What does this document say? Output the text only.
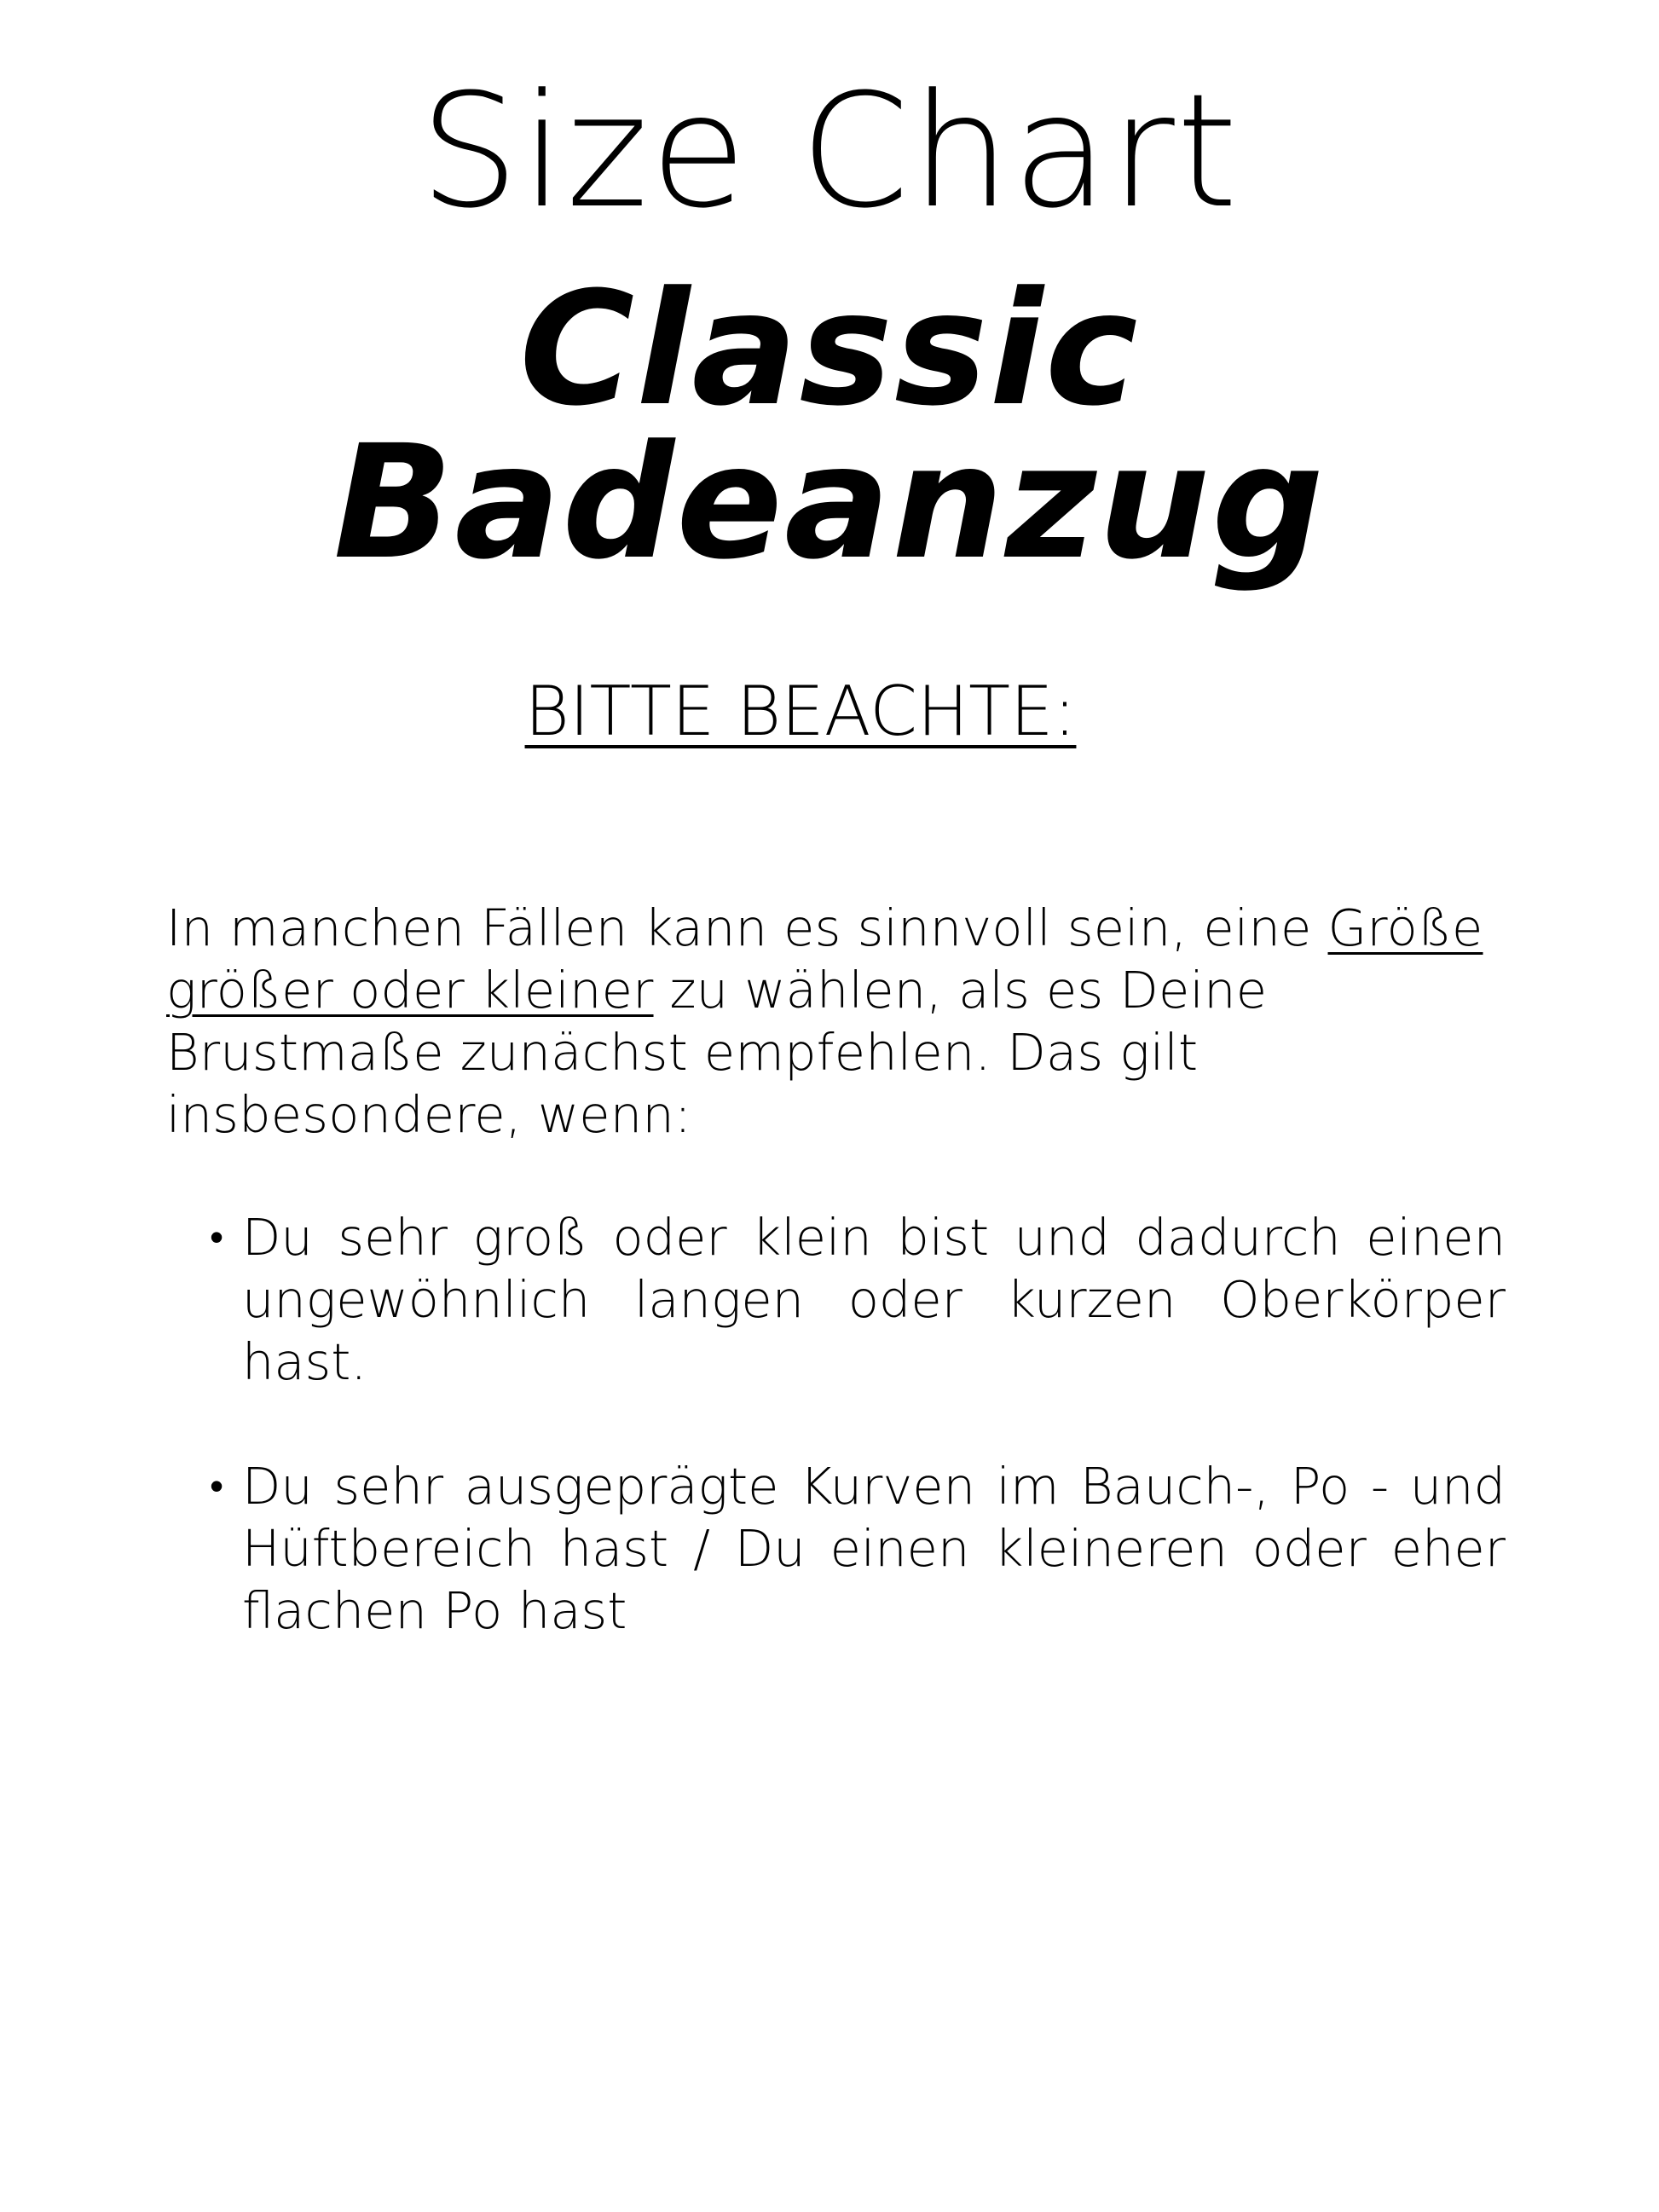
Size Chart
Classic
Badeanzug
BITTE BEACHTE:

In manchen Fällen kann es sinnvoll sein, eine Größe größer oder kleiner zu wählen, als es Deine Brustmaße zunächst empfehlen. Das gilt insbesondere, wenn:

• Du sehr groß oder klein bist und dadurch einen ungewöhnlich langen oder kurzen Oberkörper hast.
• Du sehr ausgeprägte Kurven im Bauch-, Po - und Hüftbereich hast / Du einen kleineren oder eher flachen Po hast
